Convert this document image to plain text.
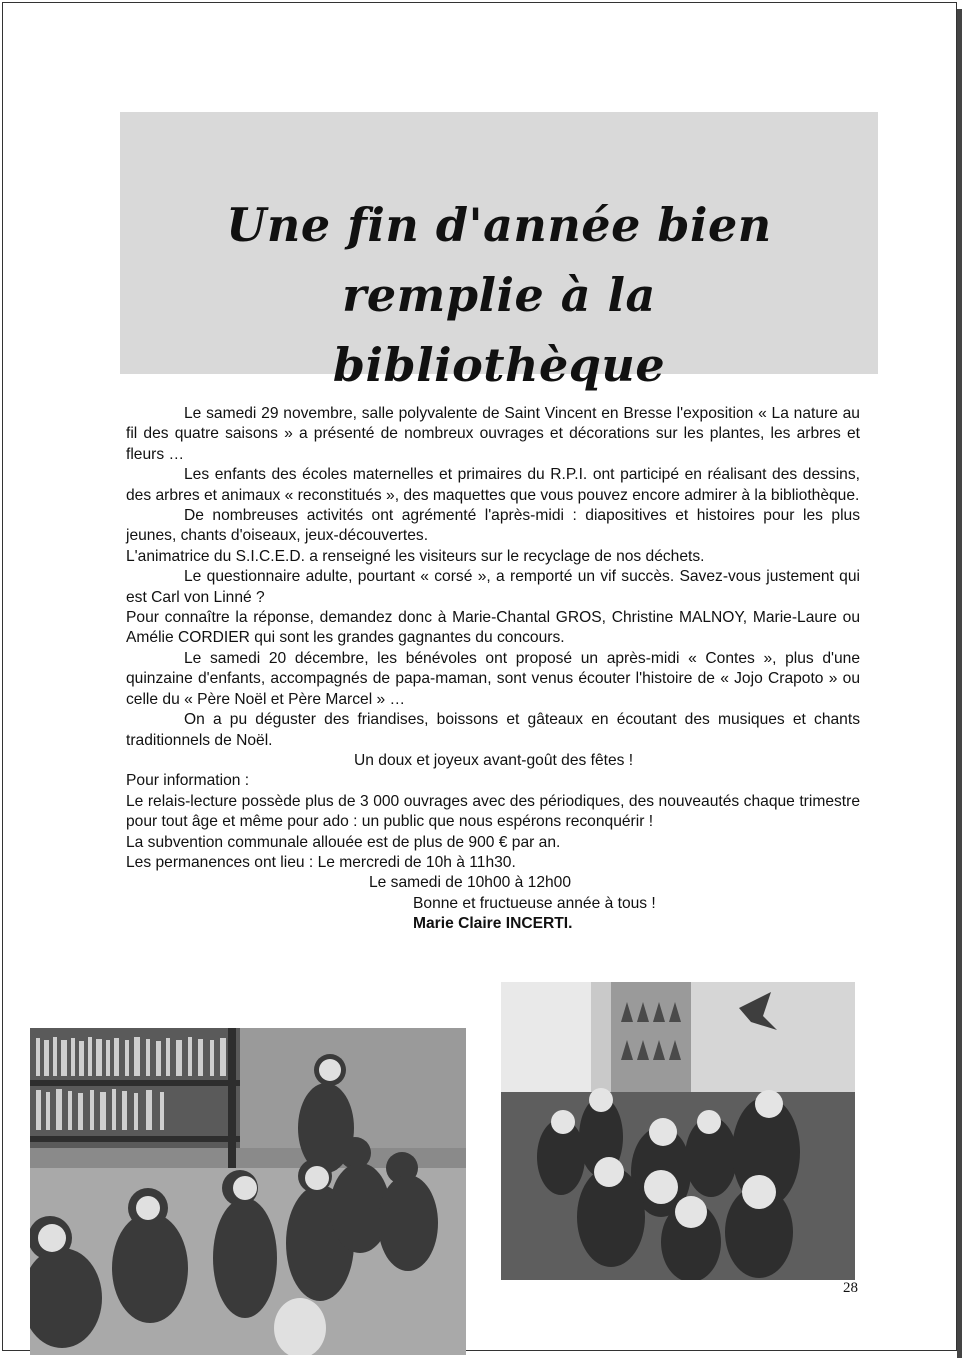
Une fin d'année bien remplie à la
bibliothèque

Le samedi 29 novembre, salle polyvalente de Saint Vincent en Bresse l'exposition « La nature au fil des quatre saisons » a présenté de nombreux ouvrages et décorations sur les plantes, les arbres et fleurs …

Les enfants des écoles maternelles et primaires du R.P.I. ont participé en réalisant des dessins, des arbres et animaux « reconstitués », des maquettes que vous pouvez encore admirer à la bibliothèque.

De nombreuses activités ont agrémenté l'après-midi : diapositives et histoires pour les plus jeunes, chants d'oiseaux, jeux-découvertes.

L'animatrice du S.I.C.E.D. a renseigné les visiteurs sur le recyclage de nos déchets.

Le questionnaire adulte, pourtant « corsé », a remporté un vif succès. Savez-vous justement qui est Carl von Linné ?

Pour connaître la réponse, demandez donc à Marie-Chantal GROS, Christine MALNOY, Marie-Laure ou Amélie CORDIER qui sont les grandes gagnantes du concours.

Le samedi 20 décembre, les bénévoles ont proposé un après-midi « Contes », plus d'une quinzaine d'enfants, accompagnés de papa-maman, sont venus écouter l'histoire de « Jojo Crapoto » ou celle du « Père Noël et Père Marcel » …

On a pu déguster des friandises, boissons et gâteaux en écoutant des musiques et chants traditionnels de Noël.

Un doux et joyeux avant-goût des fêtes !

Pour information :

Le relais-lecture possède plus de 3 000 ouvrages avec des périodiques, des nouveautés chaque trimestre pour tout âge et même pour ado : un public que nous espérons reconquérir !

La subvention communale allouée est de plus de 900 € par an.

Les permanences ont lieu : Le mercredi de 10h à 11h30.

Le samedi de 10h00 à 12h00

Bonne et fructueuse année à tous !

Marie Claire INCERTI.

28
